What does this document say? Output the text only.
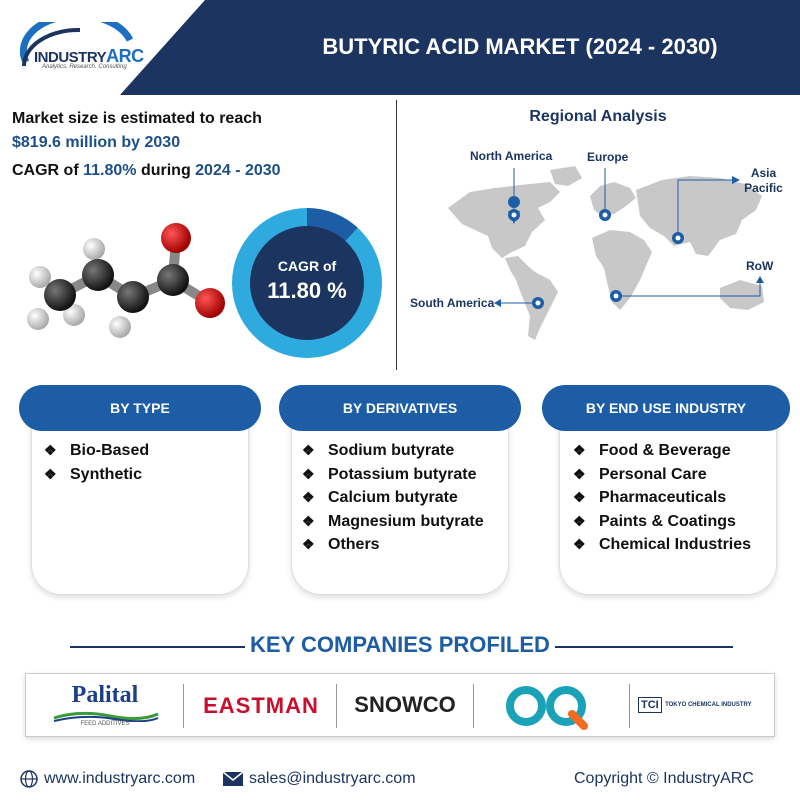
INDUSTRYARC
Analytics. Research. Consulting
BUTYRIC ACID MARKET (2024 - 2030)
Market size is estimated to reach
$819.6 million by 2030
CAGR of 11.80% during 2024 - 2030
CAGR of
11.80 %
Regional Analysis
North America	Europe
Asia Pacific
RoW
South America
BY TYPE
❖ Bio-Based
❖ Synthetic
BY DERIVATIVES
❖ Sodium butyrate
❖ Potassium butyrate
❖ Calcium butyrate
❖ Magnesium butyrate
❖ Others
BY END USE INDUSTRY
❖ Food & Beverage
❖ Personal Care
❖ Pharmaceuticals
❖ Paints & Coatings
❖ Chemical Industries
KEY COMPANIES PROFILED
Palital
FEED ADDITIVES
EASTMAN	SNOWCO	TCI TOKYO CHEMICAL INDUSTRY
www.industryarc.com	sales@industryarc.com	Copyright © IndustryARC
